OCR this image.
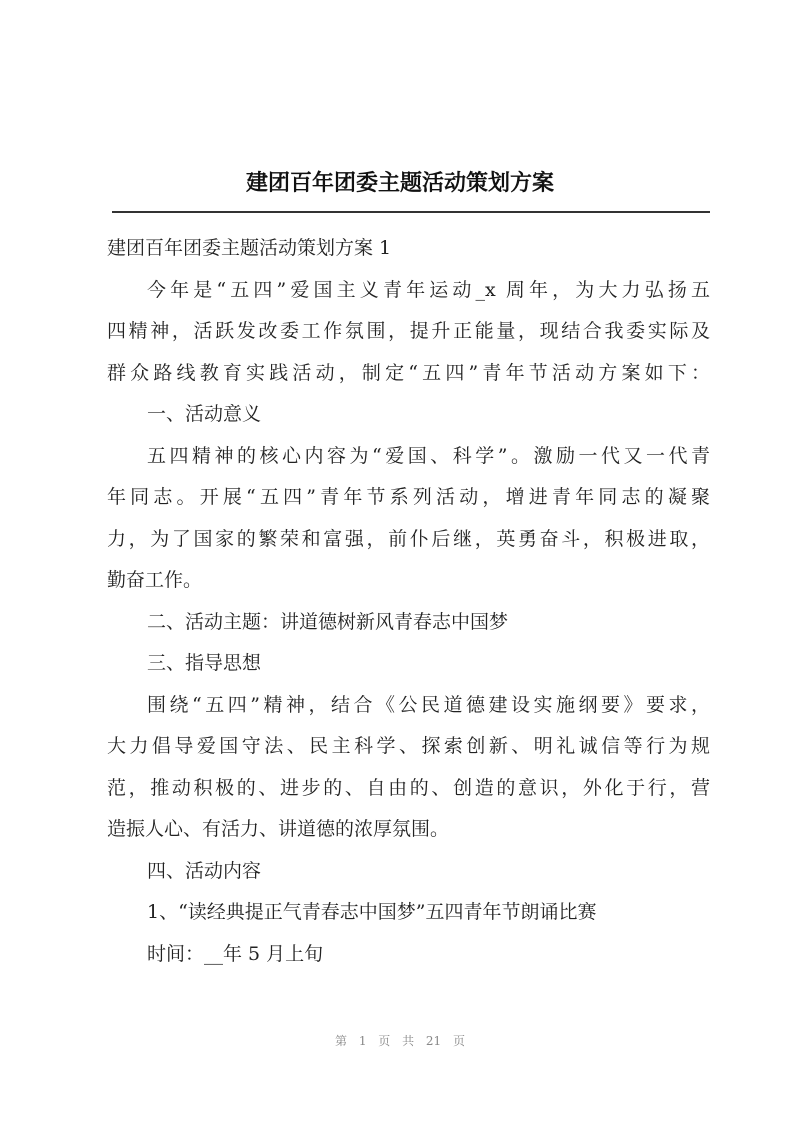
建团百年团委主题活动策划方案
建团百年团委主题活动策划方案 1
今年是“五四”爱国主义青年运动_x 周年，为大力弘扬五
四精神，活跃发改委工作氛围，提升正能量，现结合我委实际及
群众路线教育实践活动，制定“五四”青年节活动方案如下：
一、活动意义
五四精神的核心内容为“爱国、科学”。激励一代又一代青
年同志。开展“五四”青年节系列活动，增进青年同志的凝聚
力，为了国家的繁荣和富强，前仆后继，英勇奋斗，积极进取，
勤奋工作。
二、活动主题：讲道德树新风青春志中国梦
三、指导思想
围绕“五四”精神，结合《公民道德建设实施纲要》要求，
大力倡导爱国守法、民主科学、探索创新、明礼诚信等行为规
范，推动积极的、进步的、自由的、创造的意识，外化于行，营
造振人心、有活力、讲道德的浓厚氛围。
四、活动内容
1、“读经典提正气青春志中国梦”五四青年节朗诵比赛
时间：__年 5 月上旬
第 1 页 共 21 页
